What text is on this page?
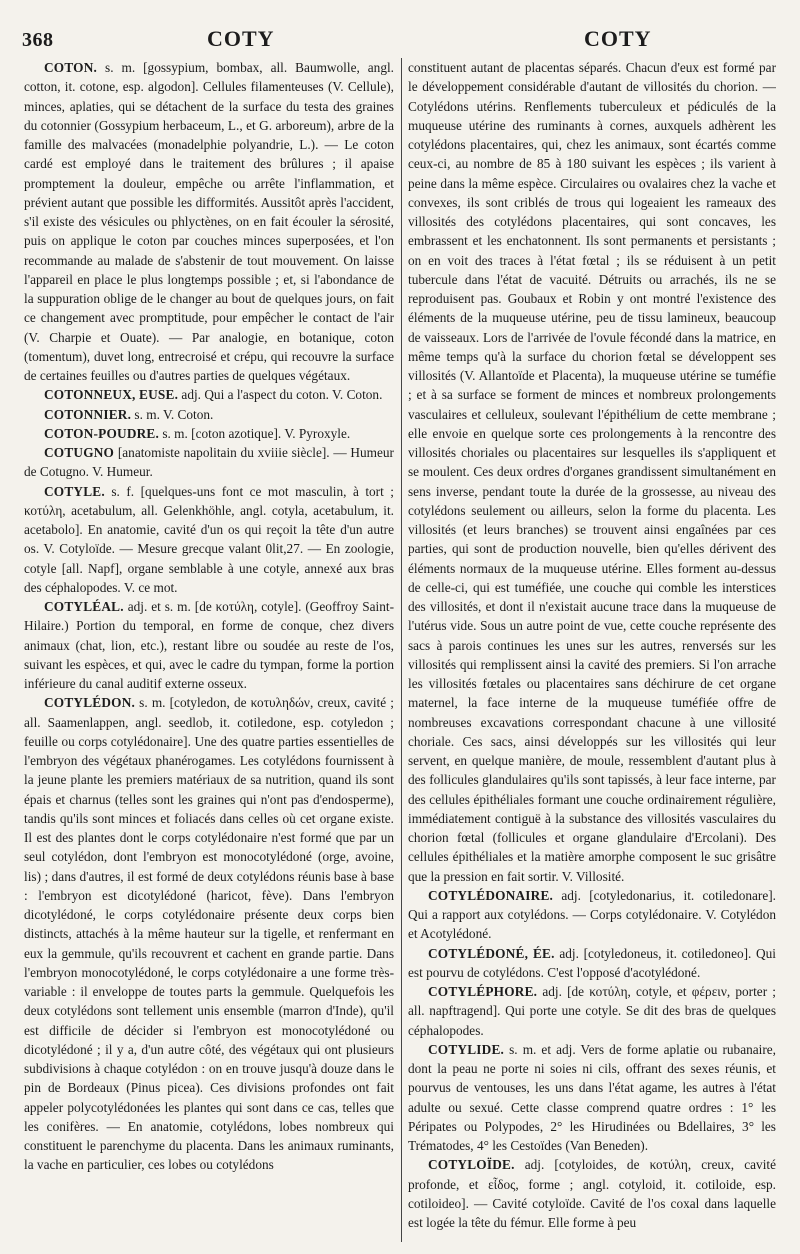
368	COTY	COTY

COTON. s. m. [gossypium, bombax, all. Baumwolle, angl. cotton, it. cotone, esp. algodon]. Cellules filamenteuses (V. Cellule), minces, aplaties, qui se détachent de la surface du testa des graines du cotonnier (Gossypium herbaceum, L., et G. arboreum), arbre de la famille des malvacées (monadelphie polyandrie, L.). — Le coton cardé est employé dans le traitement des brûlures ; il apaise promptement la douleur, empêche ou arrête l'inflammation, et prévient autant que possible les difformités. Aussitôt après l'accident, s'il existe des vésicules ou phlyctènes, on en fait écouler la sérosité, puis on applique le coton par couches minces superposées, et l'on recommande au malade de s'abstenir de tout mouvement. On laisse l'appareil en place le plus longtemps possible ; et, si l'abondance de la suppuration oblige de le changer au bout de quelques jours, on fait ce changement avec promptitude, pour empêcher le contact de l'air (V. Charpie et Ouate). — Par analogie, en botanique, coton (tomentum), duvet long, entrecroisé et crépu, qui recouvre la surface de certaines feuilles ou d'autres parties de quelques végétaux.

COTONNEUX, EUSE. adj. Qui a l'aspect du coton. V. Coton.

COTONNIER. s. m. V. Coton.

COTON-POUDRE. s. m. [coton azotique]. V. Pyroxyle.

COTUGNO [anatomiste napolitain du xviiie siècle]. — Humeur de Cotugno. V. Humeur.

COTYLE. s. f. [quelques-uns font ce mot masculin, à tort ; κοτύλη, acetabulum, all. Gelenkhöhle, angl. cotyla, acetabulum, it. acetabolo]. En anatomie, cavité d'un os qui reçoit la tête d'un autre os. V. Cotyloïde. — Mesure grecque valant 0lit,27. — En zoologie, cotyle [all. Napf], organe semblable à une cotyle, annexé aux bras des céphalopodes. V. ce mot.

COTYLÉAL. adj. et s. m. [de κοτύλη, cotyle]. (Geoffroy Saint-Hilaire.) Portion du temporal, en forme de conque, chez divers animaux (chat, lion, etc.), restant libre ou soudée au reste de l'os, suivant les espèces, et qui, avec le cadre du tympan, forme la portion inférieure du canal auditif externe osseux.

COTYLÉDON. s. m. [cotyledon, de κοτυληδών, creux, cavité ; all. Saamenlappen, angl. seedlob, it. cotiledone, esp. cotyledon ; feuille ou corps cotylédonaire]. Une des quatre parties essentielles de l'embryon des végétaux phanérogames. Les cotylédons fournissent à la jeune plante les premiers matériaux de sa nutrition, quand ils sont épais et charnus (telles sont les graines qui n'ont pas d'endosperme), tandis qu'ils sont minces et foliacés dans celles où cet organe existe. Il est des plantes dont le corps cotylédonaire n'est formé que par un seul cotylédon, dont l'embryon est monocotylédoné (orge, avoine, lis) ; dans d'autres, il est formé de deux cotylédons réunis base à base : l'embryon est dicotylédoné (haricot, fève). Dans l'embryon dicotylédoné, le corps cotylédonaire présente deux corps bien distincts, attachés à la même hauteur sur la tigelle, et renfermant en eux la gemmule, qu'ils recouvrent et cachent en grande partie. Dans l'embryon monocotylédoné, le corps cotylédonaire a une forme très-variable : il enveloppe de toutes parts la gemmule. Quelquefois les deux cotylédons sont tellement unis ensemble (marron d'Inde), qu'il est difficile de décider si l'embryon est monocotylédoné ou dicotylédoné ; il y a, d'un autre côté, des végétaux qui ont plusieurs subdivisions à chaque cotylédon : on en trouve jusqu'à douze dans le pin de Bordeaux (Pinus picea). Ces divisions profondes ont fait appeler polycotylédonées les plantes qui sont dans ce cas, telles que les conifères. — En anatomie, cotylédons, lobes nombreux qui constituent le parenchyme du placenta. Dans les animaux ruminants, la vache en particulier, ces lobes ou cotylédons

constituent autant de placentas séparés. Chacun d'eux est formé par le développement considérable d'autant de villosités du chorion. — Cotylédons utérins. Renflements tuberculeux et pédiculés de la muqueuse utérine des ruminants à cornes, auxquels adhèrent les cotylédons placentaires, qui, chez les animaux, sont écartés comme ceux-ci, au nombre de 85 à 180 suivant les espèces ; ils varient à peine dans la même espèce. Circulaires ou ovalaires chez la vache et convexes, ils sont criblés de trous qui logeaient les rameaux des villosités des cotylédons placentaires, qui sont concaves, les embrassent et les enchatonnent. Ils sont permanents et persistants ; on en voit des traces à l'état fœtal ; ils se réduisent à un petit tubercule dans l'état de vacuité. Détruits ou arrachés, ils ne se reproduisent pas. Goubaux et Robin y ont montré l'existence des éléments de la muqueuse utérine, peu de tissu lamineux, beaucoup de vaisseaux. Lors de l'arrivée de l'ovule fécondé dans la matrice, en même temps qu'à la surface du chorion fœtal se développent ses villosités (V. Allantoïde et Placenta), la muqueuse utérine se tuméfie ; et à sa surface se forment de minces et nombreux prolongements vasculaires et celluleux, soulevant l'épithélium de cette membrane ; elle envoie en quelque sorte ces prolongements à la rencontre des villosités choriales ou placentaires sur lesquelles ils s'appliquent et se moulent. Ces deux ordres d'organes grandissent simultanément en sens inverse, pendant toute la durée de la grossesse, au niveau des cotylédons seulement ou ailleurs, selon la forme du placenta. Les villosités (et leurs branches) se trouvent ainsi engaînées par ces parties, qui sont de production nouvelle, bien qu'elles dérivent des éléments normaux de la muqueuse utérine. Elles forment au-dessus de celle-ci, qui est tuméfiée, une couche qui comble les interstices des villosités, et dont il n'existait aucune trace dans la muqueuse de l'utérus vide. Sous un autre point de vue, cette couche représente des sacs à parois continues les unes sur les autres, renversés sur les villosités qui remplissent ainsi la cavité des premiers. Si l'on arrache les villosités fœtales ou placentaires sans déchirure de cet organe maternel, la face interne de la muqueuse tuméfiée offre de nombreuses excavations correspondant chacune à une villosité choriale. Ces sacs, ainsi développés sur les villosités qui leur servent, en quelque manière, de moule, ressemblent d'autant plus à des follicules glandulaires qu'ils sont tapissés, à leur face interne, par des cellules épithéliales formant une couche ordinairement régulière, immédiatement contiguë à la substance des villosités vasculaires du chorion fœtal (follicules et organe glandulaire d'Ercolani). Des cellules épithéliales et la matière amorphe composent le suc grisâtre que la pression en fait sortir. V. Villosité.

COTYLÉDONAIRE. adj. [cotyledonarius, it. cotiledonare]. Qui a rapport aux cotylédons. — Corps cotylédonaire. V. Cotylédon et Acotylédoné.

COTYLÉDONÉ, ÉE. adj. [cotyledoneus, it. cotiledoneo]. Qui est pourvu de cotylédons. C'est l'opposé d'acotylédoné.

COTYLÉPHORE. adj. [de κοτύλη, cotyle, et φέρειν, porter ; all. napftragend]. Qui porte une cotyle. Se dit des bras de quelques céphalopodes.

COTYLIDE. s. m. et adj. Vers de forme aplatie ou rubanaire, dont la peau ne porte ni soies ni cils, offrant des sexes réunis, et pourvus de ventouses, les uns dans l'état agame, les autres à l'état adulte ou sexué. Cette classe comprend quatre ordres : 1° les Péripates ou Polypodes, 2° les Hirudinées ou Bdellaires, 3° les Trématodes, 4° les Cestoïdes (Van Beneden).

COTYLOÏDE. adj. [cotyloides, de κοτύλη, creux, cavité profonde, et εἶδος, forme ; angl. cotyloid, it. cotiloide, esp. cotiloideo]. — Cavité cotyloïde. Cavité de l'os coxal dans laquelle est logée la tête du fémur. Elle forme à peu
